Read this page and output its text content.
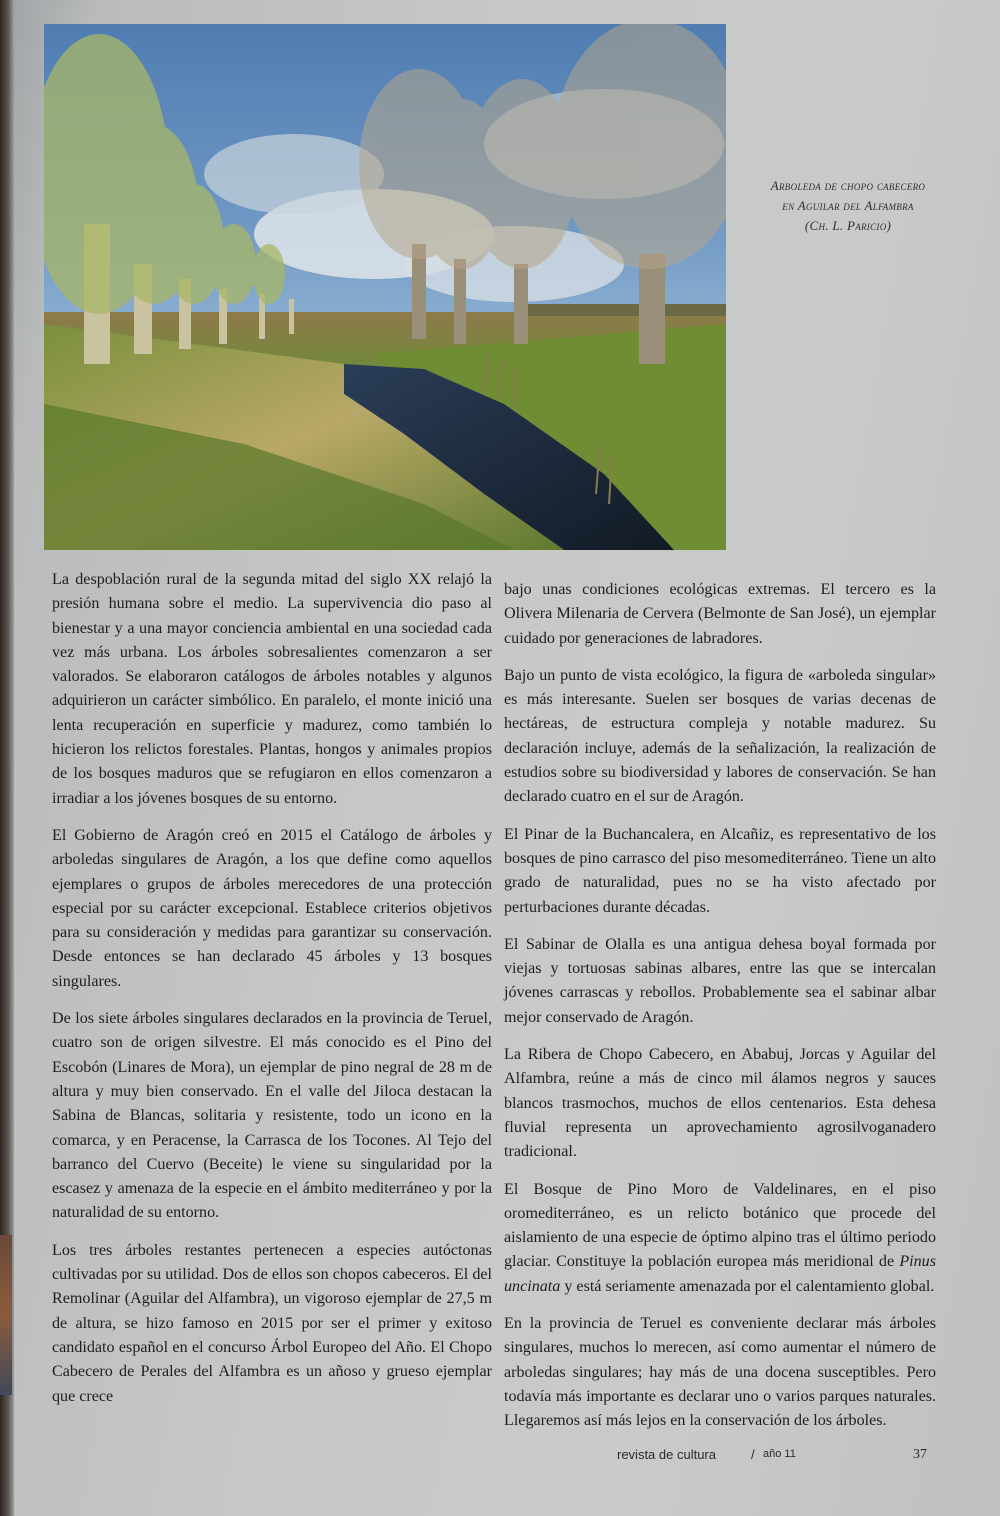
Arboleda de chopo cabecero
en Aguilar del Alfambra
(Ch. L. Paricio)

La despoblación rural de la segunda mitad del siglo XX relajó la presión humana sobre el medio. La supervivencia dio paso al bienestar y a una mayor conciencia ambiental en una sociedad cada vez más urbana. Los árboles sobresalientes comenzaron a ser valorados. Se elaboraron catálogos de árboles notables y algunos adquirieron un carácter simbólico. En paralelo, el monte inició una lenta recuperación en superficie y madurez, como también lo hicieron los relictos forestales. Plantas, hongos y animales propios de los bosques maduros que se refugiaron en ellos comenzaron a irradiar a los jóvenes bosques de su entorno.

El Gobierno de Aragón creó en 2015 el Catálogo de árboles y arboledas singulares de Aragón, a los que define como aquellos ejemplares o grupos de árboles merecedores de una protección especial por su carácter excepcional. Establece criterios objetivos para su consideración y medidas para garantizar su conservación. Desde entonces se han declarado 45 árboles y 13 bosques singulares.

De los siete árboles singulares declarados en la provincia de Teruel, cuatro son de origen silvestre. El más conocido es el Pino del Escobón (Linares de Mora), un ejemplar de pino negral de 28 m de altura y muy bien conservado. En el valle del Jiloca destacan la Sabina de Blancas, solitaria y resistente, todo un icono en la comarca, y en Peracense, la Carrasca de los Tocones. Al Tejo del barranco del Cuervo (Beceite) le viene su singularidad por la escasez y amenaza de la especie en el ámbito mediterráneo y por la naturalidad de su entorno.

Los tres árboles restantes pertenecen a especies autóctonas cultivadas por su utilidad. Dos de ellos son chopos cabeceros. El del Remolinar (Aguilar del Alfambra), un vigoroso ejemplar de 27,5 m de altura, se hizo famoso en 2015 por ser el primer y exitoso candidato español en el concurso Árbol Europeo del Año. El Chopo Cabecero de Perales del Alfambra es un añoso y grueso ejemplar que crece

bajo unas condiciones ecológicas extremas. El tercero es la Olivera Milenaria de Cervera (Belmonte de San José), un ejemplar cuidado por generaciones de labradores.

Bajo un punto de vista ecológico, la figura de «arboleda singular» es más interesante. Suelen ser bosques de varias decenas de hectáreas, de estructura compleja y notable madurez. Su declaración incluye, además de la señalización, la realización de estudios sobre su biodiversidad y labores de conservación. Se han declarado cuatro en el sur de Aragón.

El Pinar de la Buchancalera, en Alcañiz, es representativo de los bosques de pino carrasco del piso mesomediterráneo. Tiene un alto grado de naturalidad, pues no se ha visto afectado por perturbaciones durante décadas.

El Sabinar de Olalla es una antigua dehesa boyal formada por viejas y tortuosas sabinas albares, entre las que se intercalan jóvenes carrascas y rebollos. Probablemente sea el sabinar albar mejor conservado de Aragón.

La Ribera de Chopo Cabecero, en Ababuj, Jorcas y Aguilar del Alfambra, reúne a más de cinco mil álamos negros y sauces blancos trasmochos, muchos de ellos centenarios. Esta dehesa fluvial representa un aprovechamiento agrosilvoganadero tradicional.

El Bosque de Pino Moro de Valdelinares, en el piso oromediterráneo, es un relicto botánico que procede del aislamiento de una especie de óptimo alpino tras el último periodo glaciar. Constituye la población europea más meridional de Pinus uncinata y está seriamente amenazada por el calentamiento global.

En la provincia de Teruel es conveniente declarar más árboles singulares, muchos lo merecen, así como aumentar el número de arboledas singulares; hay más de una docena susceptibles. Pero todavía más importante es declarar uno o varios parques naturales. Llegaremos así más lejos en la conservación de los árboles.

revista de cultura	/ año 11	37
